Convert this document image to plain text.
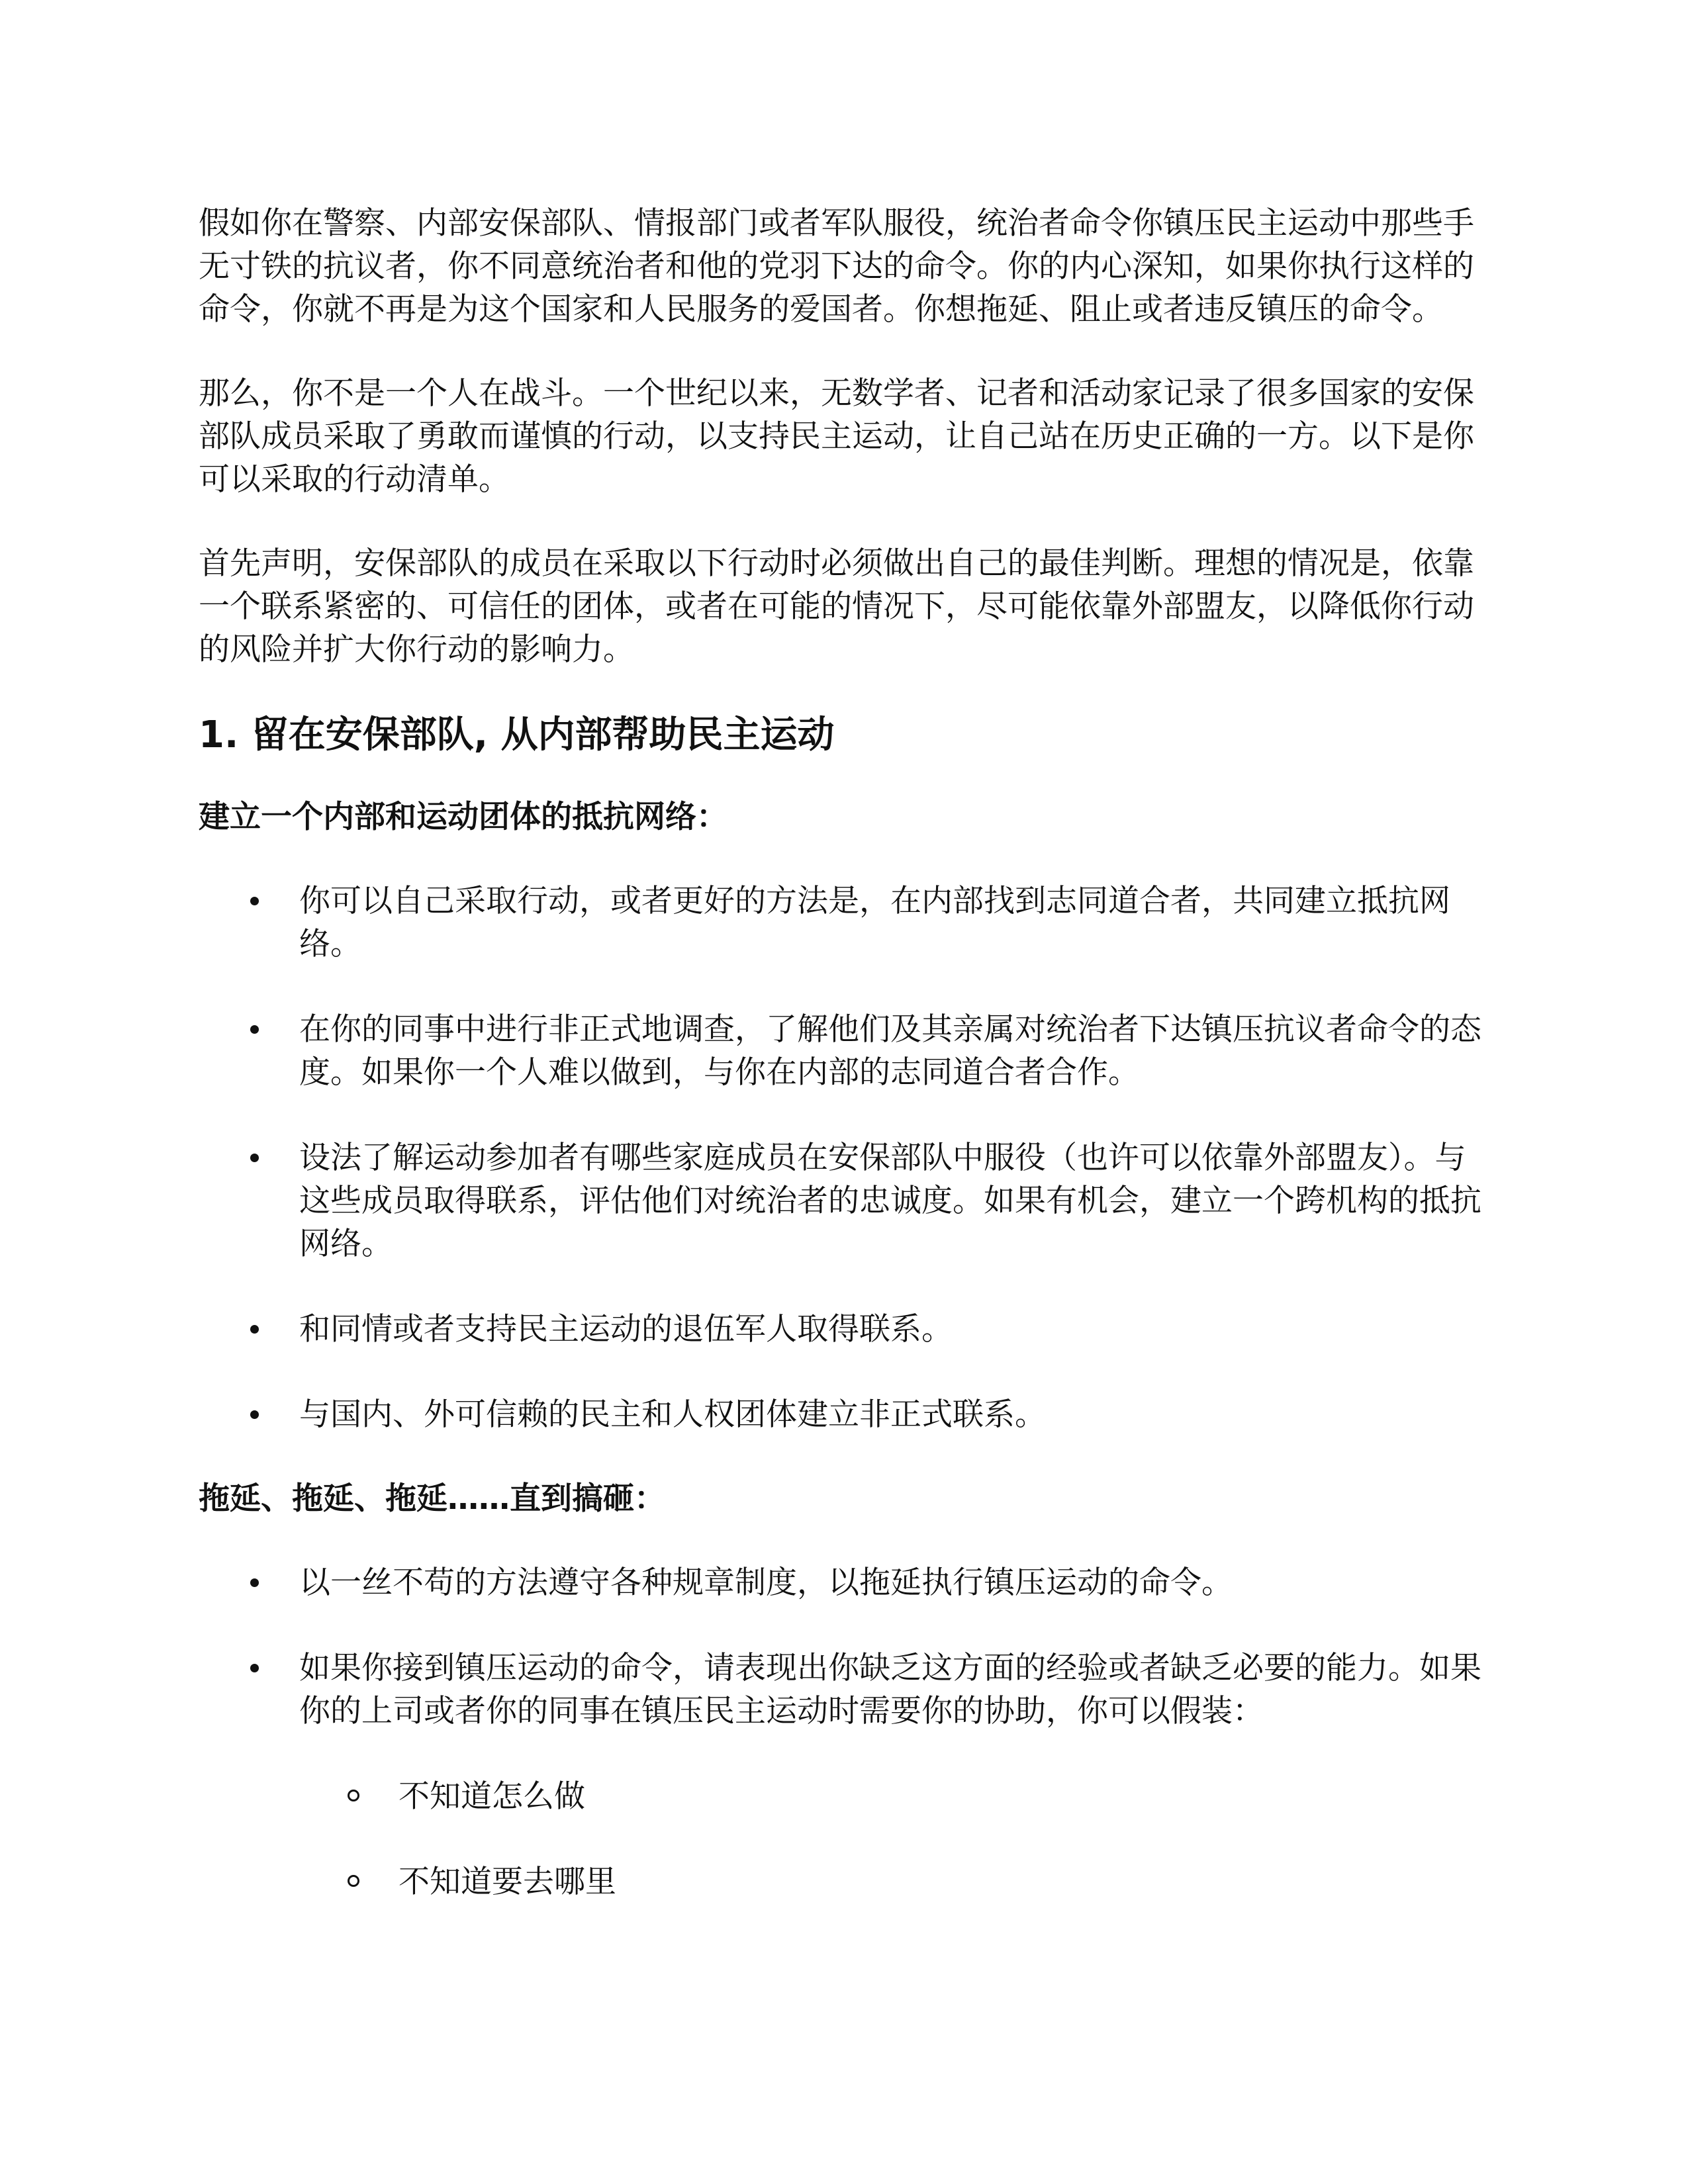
假如你在警察、内部安保部队、情报部门或者军队服役，统治者命令你镇压民主运动中那些手无寸铁的抗议者，你不同意统治者和他的党羽下达的命令。你的内心深知，如果你执行这样的命令，你就不再是为这个国家和人民服务的爱国者。你想拖延、阻止或者违反镇压的命令。

那么，你不是一个人在战斗。一个世纪以来，无数学者、记者和活动家记录了很多国家的安保部队成员采取了勇敢而谨慎的行动，以支持民主运动，让自己站在历史正确的一方。以下是你可以采取的行动清单。

首先声明，安保部队的成员在采取以下行动时必须做出自己的最佳判断。理想的情况是，依靠一个联系紧密的、可信任的团体，或者在可能的情况下，尽可能依靠外部盟友，以降低你行动的风险并扩大你行动的影响力。

1. 留在安保部队, 从内部帮助民主运动
建立一个内部和运动团体的抵抗网络：
你可以自己采取行动，或者更好的方法是，在内部找到志同道合者，共同建立抵抗网络。
在你的同事中进行非正式地调查，了解他们及其亲属对统治者下达镇压抗议者命令的态度。如果你一个人难以做到，与你在内部的志同道合者合作。
设法了解运动参加者有哪些家庭成员在安保部队中服役（也许可以依靠外部盟友）。与这些成员取得联系，评估他们对统治者的忠诚度。如果有机会，建立一个跨机构的抵抗网络。
和同情或者支持民主运动的退伍军人取得联系。
与国内、外可信赖的民主和人权团体建立非正式联系。
拖延、拖延、拖延……直到搞砸：
以一丝不苟的方法遵守各种规章制度，以拖延执行镇压运动的命令。
如果你接到镇压运动的命令，请表现出你缺乏这方面的经验或者缺乏必要的能力。如果你的上司或者你的同事在镇压民主运动时需要你的协助，你可以假装：
不知道怎么做
不知道要去哪里
